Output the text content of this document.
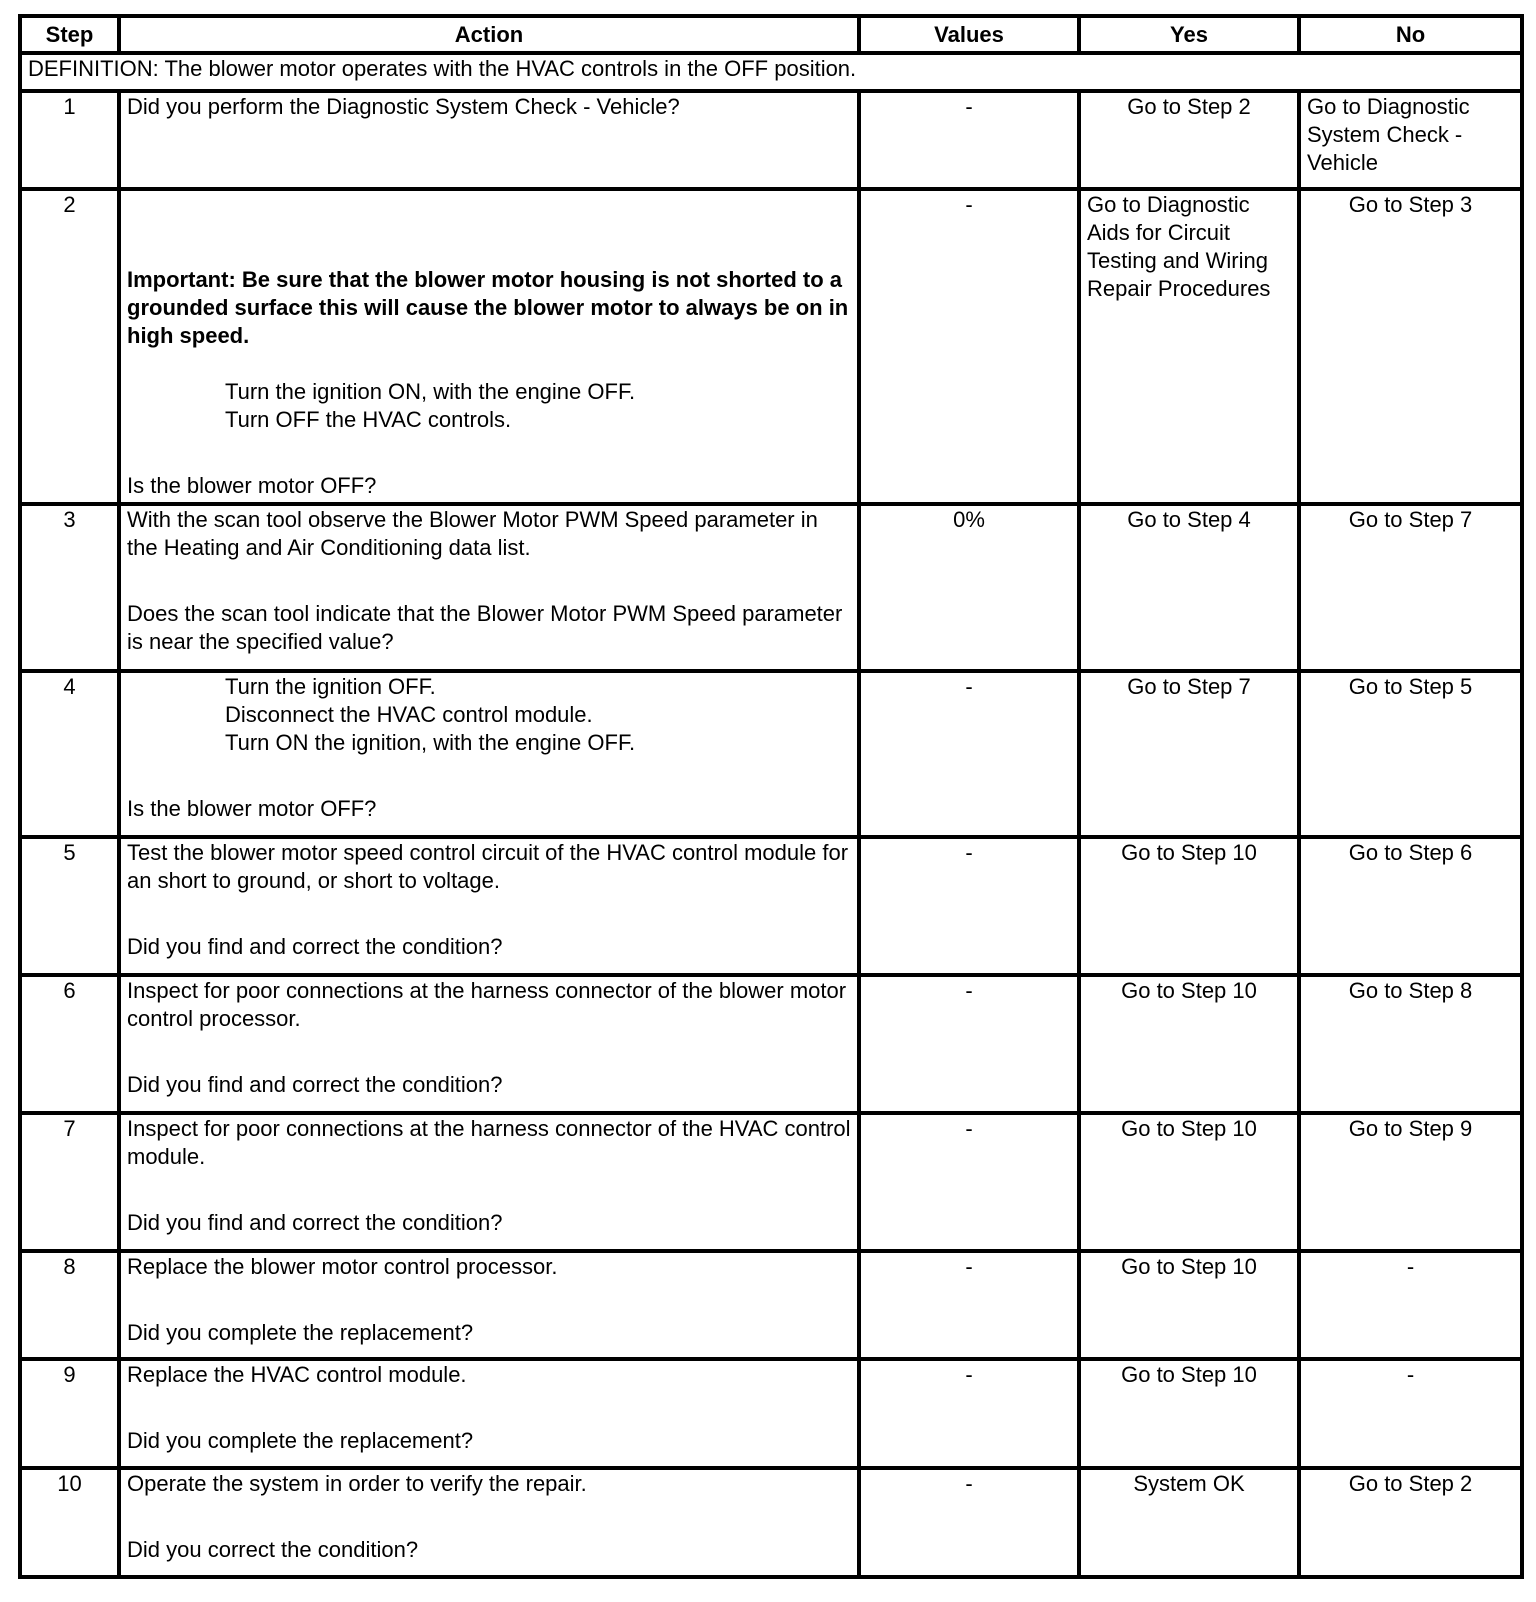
Step	Action	Values	Yes	No
DEFINITION: The blower motor operates with the HVAC controls in the OFF position.				
1	Did you perform the Diagnostic System Check - Vehicle?	-	Go to Step 2	Go to Diagnostic System Check - Vehicle
2	Important: Be sure that the blower motor housing is not shorted to a grounded surface this will cause the blower motor to always be on in high speed.

Turn the ignition ON, with the engine OFF.

Turn OFF the HVAC controls.

Is the blower motor OFF?	-	Go to Diagnostic Aids for Circuit Testing and Wiring Repair Procedures	Go to Step 3
3	With the scan tool observe the Blower Motor PWM Speed parameter in the Heating and Air Conditioning data list.

Does the scan tool indicate that the Blower Motor PWM Speed parameter is near the specified value?	0%	Go to Step 4	Go to Step 7
4	Turn the ignition OFF.

Disconnect the HVAC control module.

Turn ON the ignition, with the engine OFF.

Is the blower motor OFF?	-	Go to Step 7	Go to Step 5
5	Test the blower motor speed control circuit of the HVAC control module for an short to ground, or short to voltage.

Did you find and correct the condition?	-	Go to Step 10	Go to Step 6
6	Inspect for poor connections at the harness connector of the blower motor control processor.

Did you find and correct the condition?	-	Go to Step 10	Go to Step 8
7	Inspect for poor connections at the harness connector of the HVAC control module.

Did you find and correct the condition?	-	Go to Step 10	Go to Step 9
8	Replace the blower motor control processor.

Did you complete the replacement?	-	Go to Step 10	-
9	Replace the HVAC control module.

Did you complete the replacement?	-	Go to Step 10	-
10	Operate the system in order to verify the repair.

Did you correct the condition?	-	System OK	Go to Step 2
